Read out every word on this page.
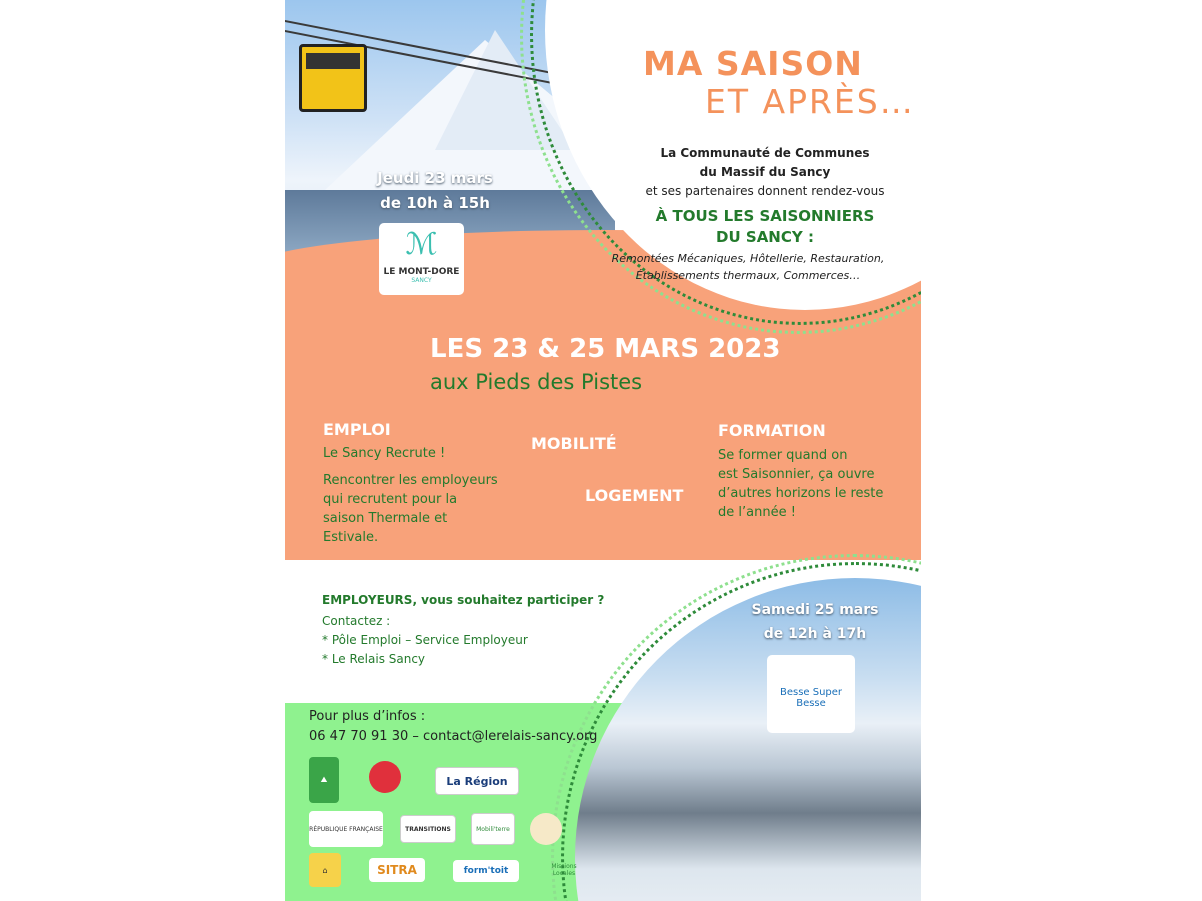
MA SAISON
ET APRÈS…
La Communauté de Communes
du Massif du Sancy
et ses partenaires donnent rendez-vous
À TOUS LES SAISONNIERS
DU SANCY :
Remontées Mécaniques, Hôtellerie, Restauration,
Établissements thermaux, Commerces…
Jeudi 23 mars
de 10h à 15h
ℳ
LE MONT-DORE
SANCY
LES 23 & 25 MARS 2023
aux Pieds des Pistes
EMPLOI
Le Sancy Recrute !
Rencontrer les employeurs
qui recrutent pour la
saison Thermale et
Estivale.
MOBILITÉ
LOGEMENT
FORMATION
Se former quand on
est Saisonnier, ça ouvre
d’autres horizons le reste
de l’année !
EMPLOYEURS, vous souhaitez participer ?
Contactez :
* Pôle Emploi – Service Employeur
* Le Relais Sancy
Pour plus d’infos :
06 47 70 91 30 – contact@lerelais-sancy.org
Samedi 25 mars
de 12h à 17h
Besse Super Besse
⛰	La Région
RÉPUBLIQUE FRANÇAISE	TRANSITIONS	Mobili'terre
⌂	SITRA	form'toit	Missions Locales
